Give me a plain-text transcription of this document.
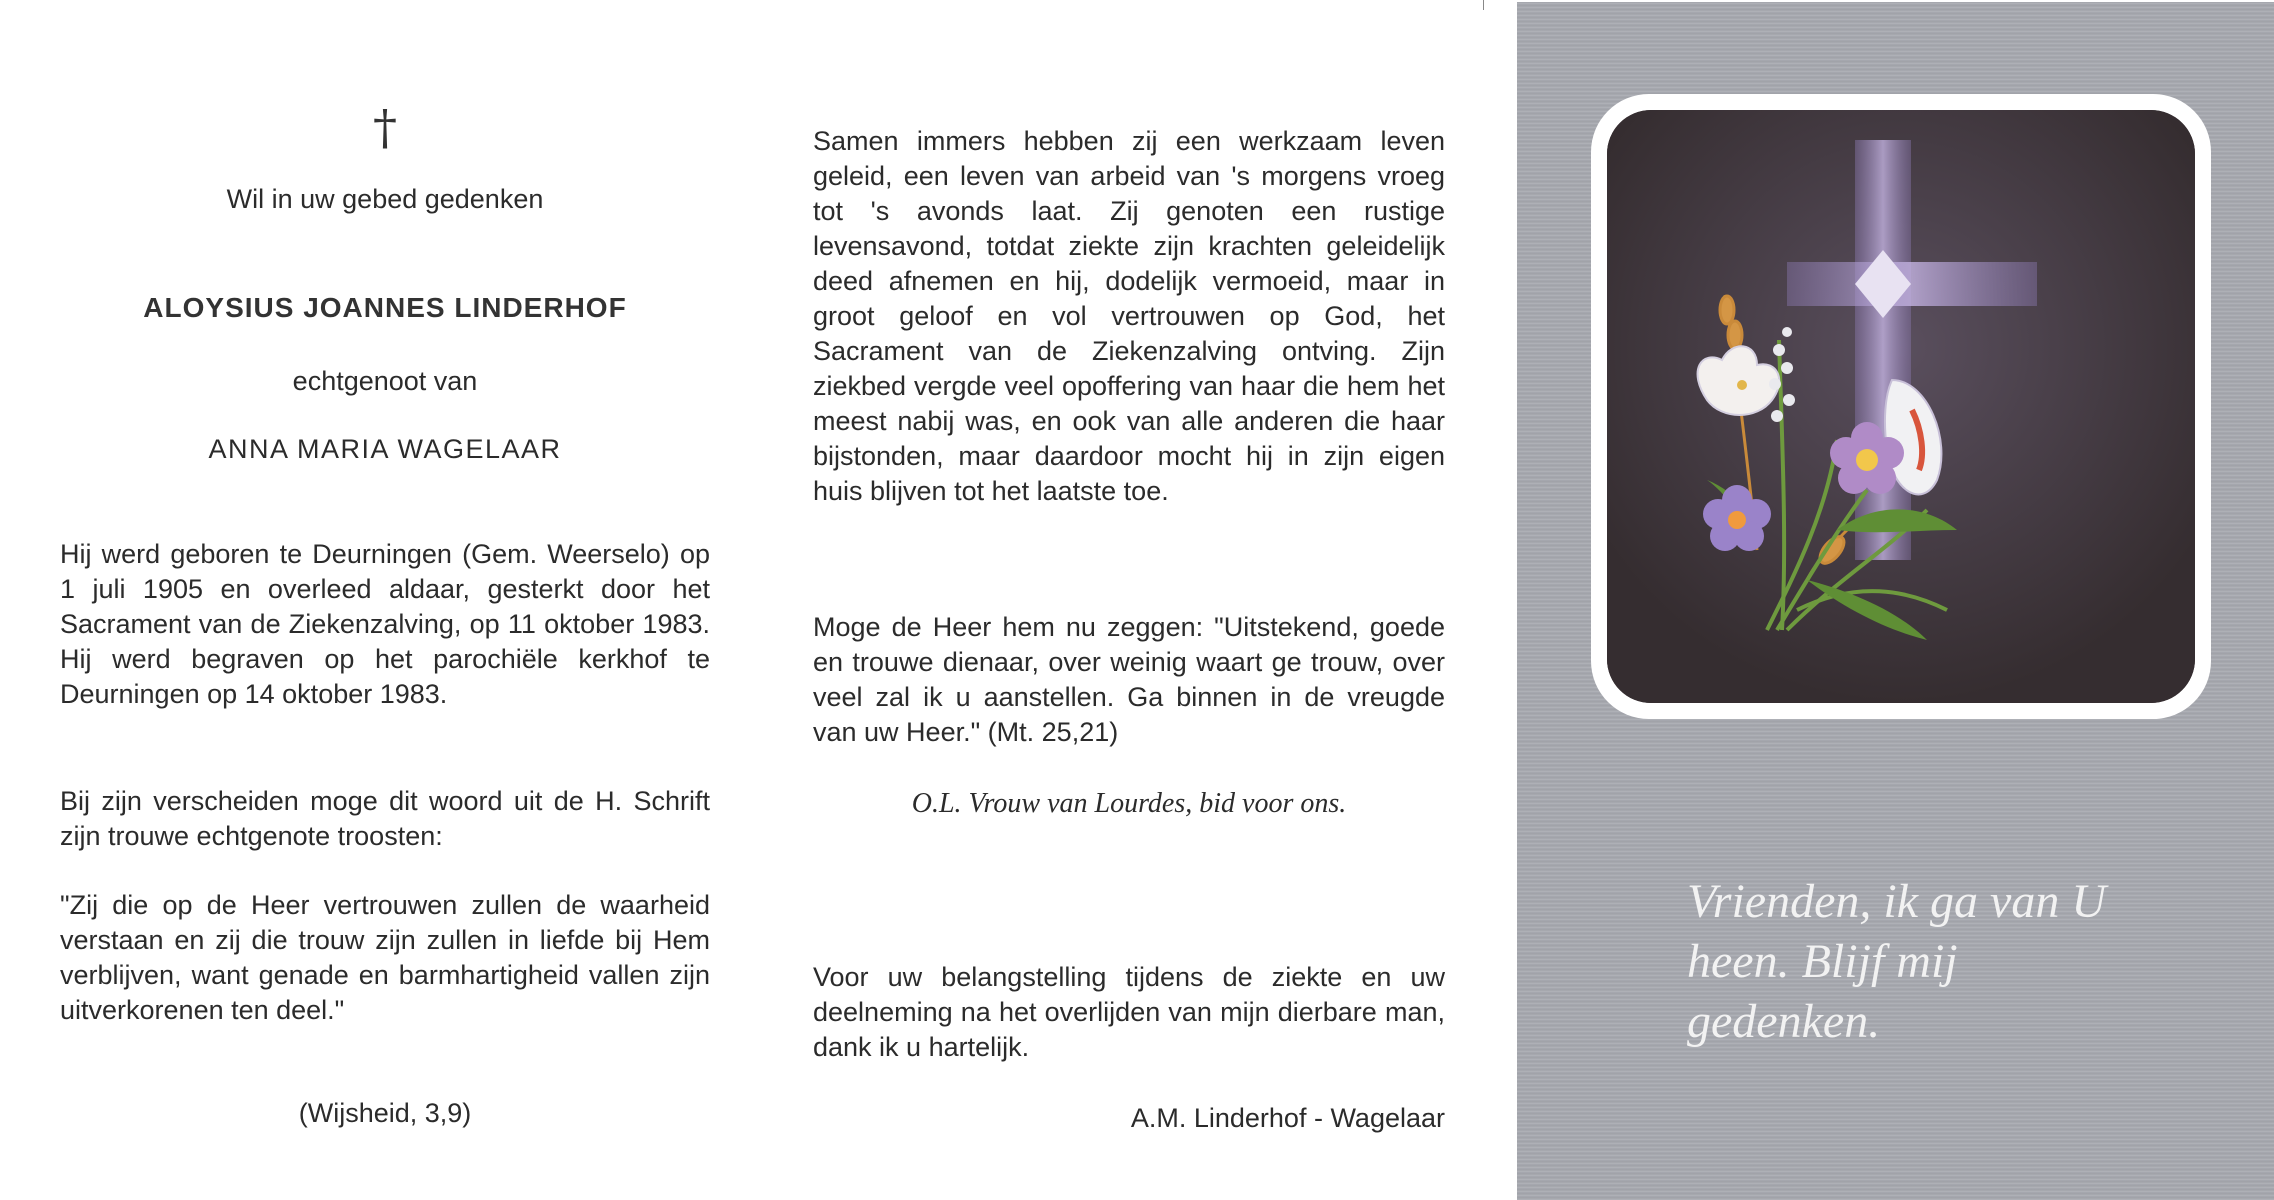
†
Wil in uw gebed gedenken
ALOYSIUS JOANNES LINDERHOF
echtgenoot van
ANNA MARIA WAGELAAR
Hij werd geboren te Deurningen (Gem. Weerselo) op 1 juli 1905 en overleed aldaar, gesterkt door het Sacrament van de Ziekenzalving, op 11 oktober 1983. Hij werd begraven op het parochiële kerkhof te Deurningen op 14 oktober 1983.
Bij zijn verscheiden moge dit woord uit de H. Schrift zijn trouwe echtgenote troosten:
"Zij die op de Heer vertrouwen zullen de waarheid verstaan en zij die trouw zijn zullen in liefde bij Hem verblijven, want genade en barmhartigheid vallen zijn uitverkorenen ten deel."
(Wijsheid, 3,9)
Samen immers hebben zij een werkzaam leven geleid, een leven van arbeid van 's morgens vroeg tot 's avonds laat. Zij genoten een rustige levensavond, totdat ziekte zijn krachten geleidelijk deed afnemen en hij, dodelijk vermoeid, maar in groot geloof en vol vertrouwen op God, het Sacrament van de Ziekenzalving ontving. Zijn ziekbed vergde veel opoffering van haar die hem het meest nabij was, en ook van alle anderen die haar bijstonden, maar daardoor mocht hij in zijn eigen huis blijven tot het laatste toe.
Moge de Heer hem nu zeggen: "Uitstekend, goede en trouwe dienaar, over weinig waart ge trouw, over veel zal ik u aanstellen. Ga binnen in de vreugde van uw Heer." (Mt. 25,21)
O.L. Vrouw van Lourdes, bid voor ons.
Voor uw belangstelling tijdens de ziekte en uw deelneming na het overlijden van mijn dierbare man, dank ik u hartelijk.
A.M. Linderhof - Wagelaar
Vrienden, ik ga van U heen. Blijf mij gedenken.
